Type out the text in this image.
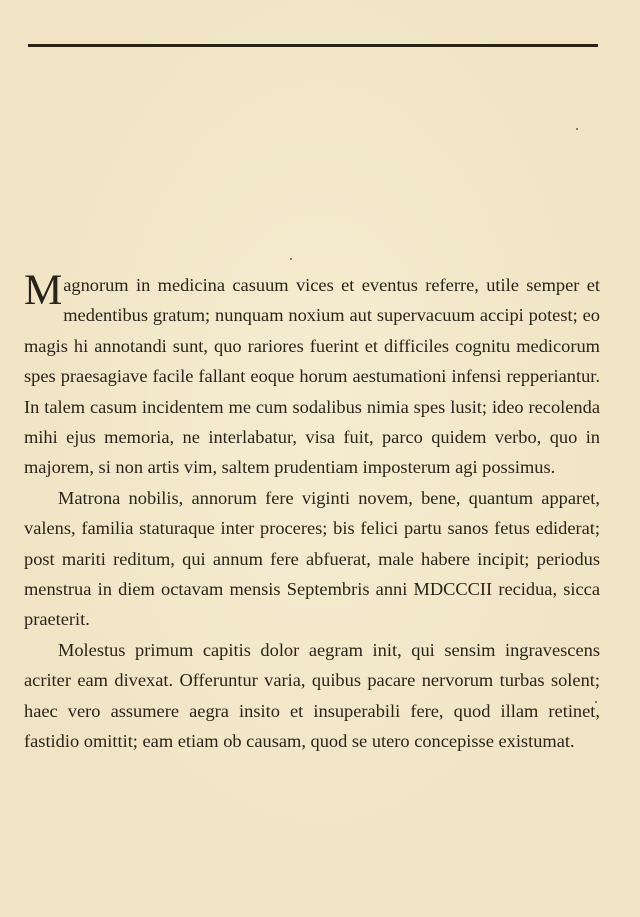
Magnorum in medicina casuum vices et eventus referre, utile semper et medentibus gratum; nunquam noxium aut supervacuum accipi potest; eo magis hi annotandi sunt, quo rariores fuerint et difficiles cognitu medicorum spes praesagiave facile fallant eoque horum aestumationi infensi repperiantur. In talem casum incidentem me cum sodalibus nimia spes lusit; ideo recolenda mihi ejus memoria, ne interlabatur, visa fuit, parco quidem verbo, quo in majorem, si non artis vim, saltem prudentiam imposterum agi possimus.

Matrona nobilis, annorum fere viginti novem, bene, quantum apparet, valens, familia staturaque inter proceres; bis felici partu sanos fetus ediderat; post mariti reditum, qui annum fere abfuerat, male habere incipit; periodus menstrua in diem octavam mensis Septembris anni MDCCCII recidua, sicca praeterit.

Molestus primum capitis dolor aegram init, qui sensim ingravescens acriter eam divexat. Offeruntur varia, quibus pacare nervorum turbas solent; haec vero assumere aegra insito et insuperabili fere, quod illam retinet, fastidio omittit; eam etiam ob causam, quod se utero concepisse existumat.
